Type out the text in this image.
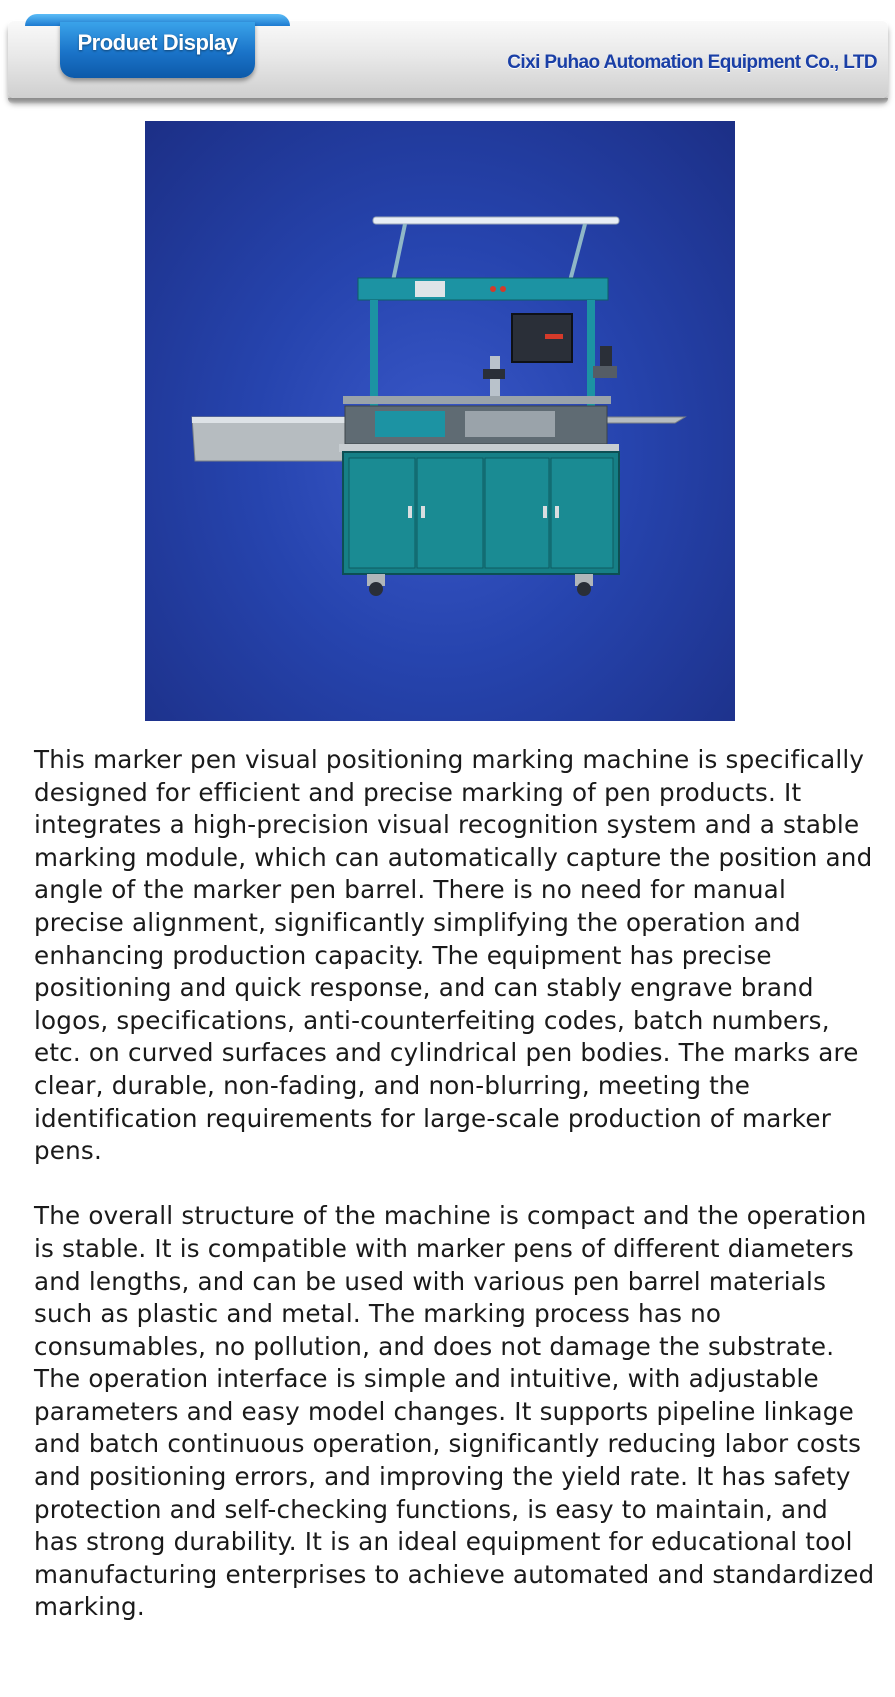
Produet Display
Cixi Puhao Automation Equipment Co., LTD

This marker pen visual positioning marking machine is specifically designed for efficient and precise marking of pen products. It integrates a high-precision visual recognition system and a stable marking module, which can automatically capture the position and angle of the marker pen barrel. There is no need for manual precise alignment, significantly simplifying the operation and enhancing production capacity. The equipment has precise positioning and quick response, and can stably engrave brand logos, specifications, anti-counterfeiting codes, batch numbers, etc. on curved surfaces and cylindrical pen bodies. The marks are clear, durable, non-fading, and non-blurring, meeting the identification requirements for large-scale production of marker pens.

The overall structure of the machine is compact and the operation is stable. It is compatible with marker pens of different diameters and lengths, and can be used with various pen barrel materials such as plastic and metal. The marking process has no consumables, no pollution, and does not damage the substrate. The operation interface is simple and intuitive, with adjustable parameters and easy model changes. It supports pipeline linkage and batch continuous operation, significantly reducing labor costs and positioning errors, and improving the yield rate. It has safety protection and self-checking functions, is easy to maintain, and has strong durability. It is an ideal equipment for educational tool manufacturing enterprises to achieve automated and standardized marking.
